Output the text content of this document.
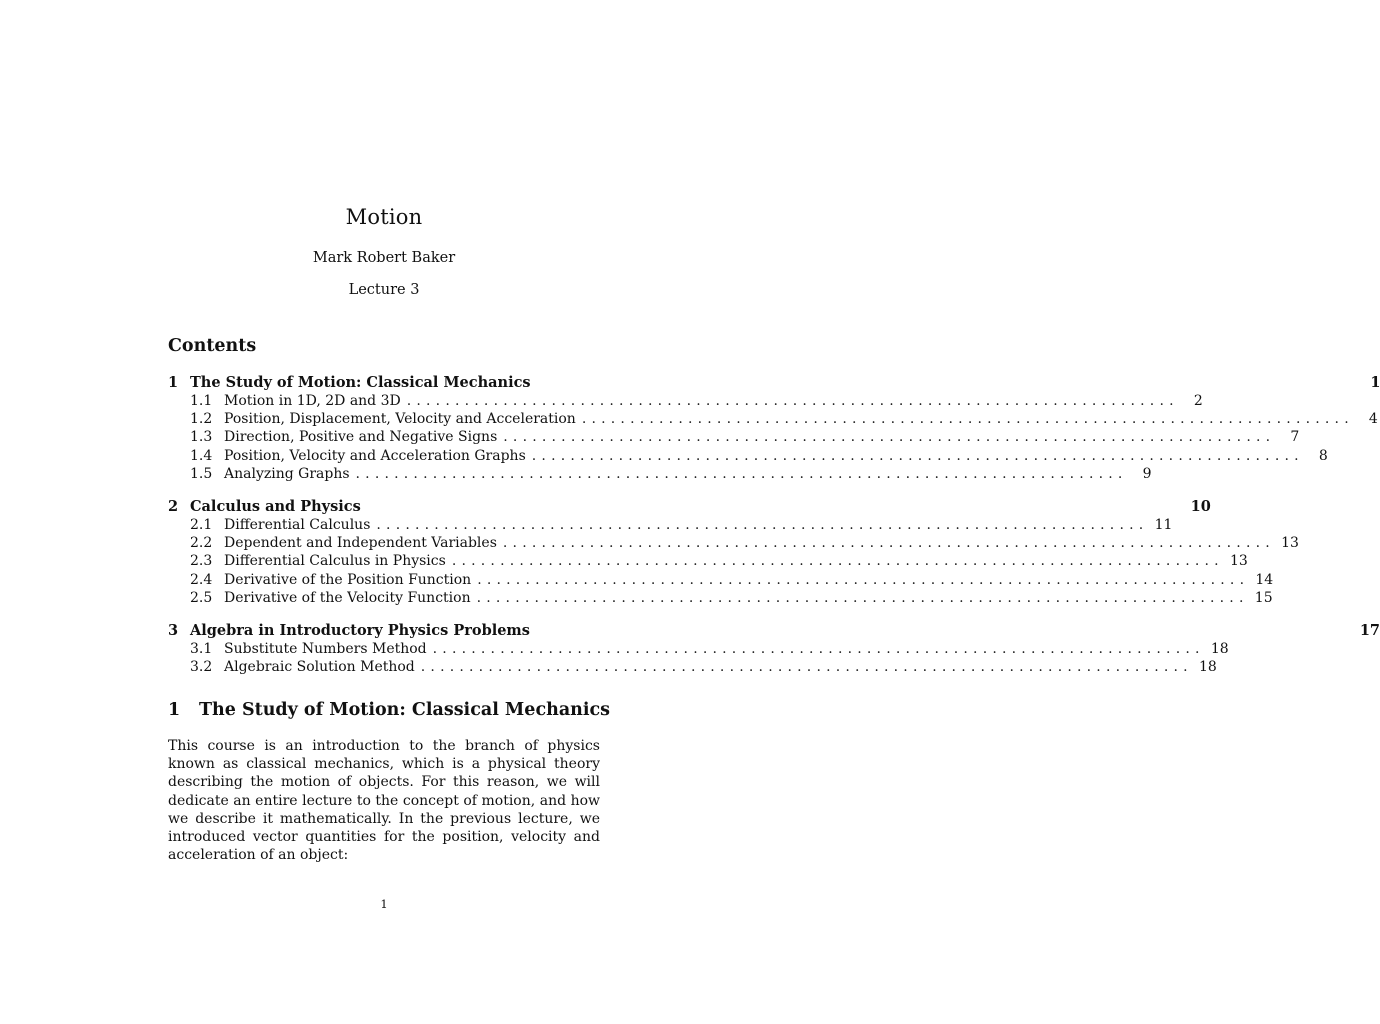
Motion
Mark Robert Baker
Lecture 3
Contents
1 The Study of Motion: Classical Mechanics	1
1.1 Motion in 1D, 2D and 3D ................................................................................	2
1.2 Position, Displacement, Velocity and Acceleration ................................................................................	4
1.3 Direction, Positive and Negative Signs ................................................................................	7
1.4 Position, Velocity and Acceleration Graphs ................................................................................	8
1.5 Analyzing Graphs ................................................................................	9
2 Calculus and Physics	10
2.1 Differential Calculus ................................................................................ 11
2.2 Dependent and Independent Variables ................................................................................ 13
2.3 Differential Calculus in Physics ................................................................................ 13
2.4 Derivative of the Position Function ................................................................................ 14
2.5 Derivative of the Velocity Function ................................................................................ 15
3 Algebra in Introductory Physics Problems	17
3.1 Substitute Numbers Method ................................................................................ 18
3.2 Algebraic Solution Method ................................................................................ 18
1 The Study of Motion: Classical Mechanics
This course is an introduction to the branch of physics known as classical mechanics, which is a physical theory describing the motion of objects. For this reason, we will dedicate an entire lecture to the concept of motion, and how we describe it mathematically. In the previous lecture, we introduced vector quantities for the position, velocity and acceleration of an object:
1
